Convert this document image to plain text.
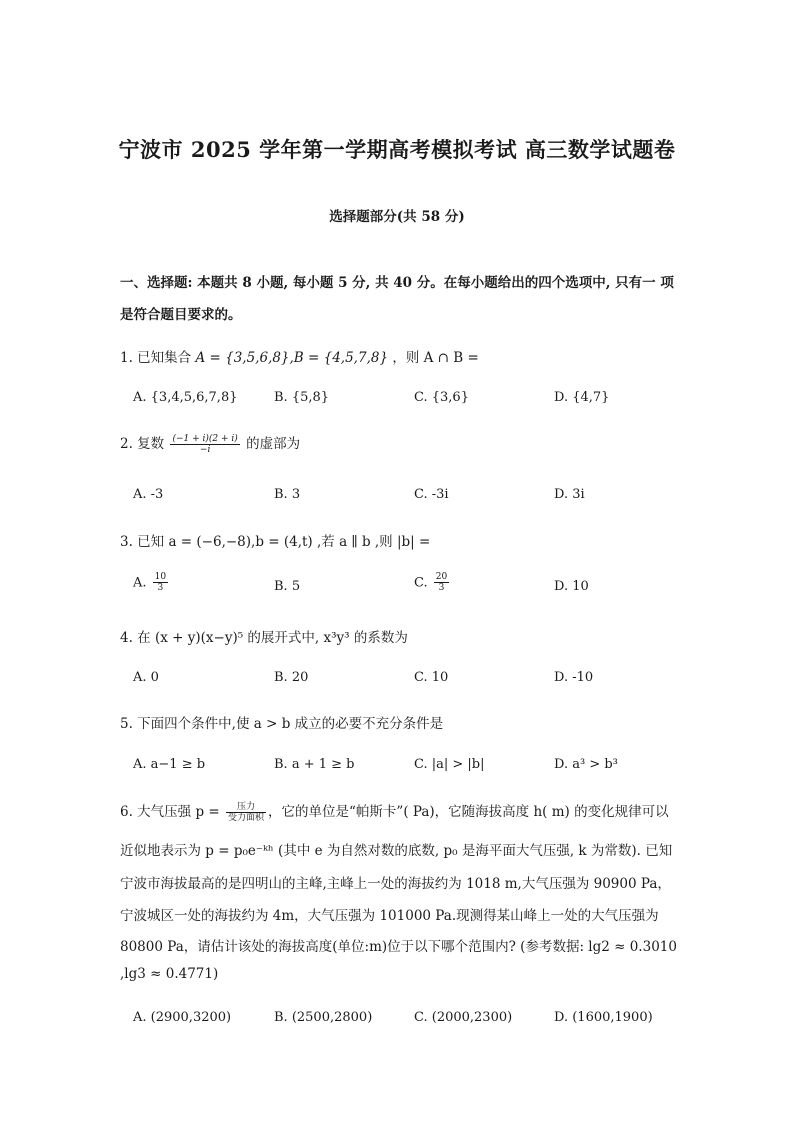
宁波市 2025 学年第一学期高考模拟考试 高三数学试题卷
选择题部分(共 58 分)
一、选择题: 本题共 8 小题, 每小题 5 分, 共 40 分。在每小题给出的四个选项中, 只有一 项
是符合题目要求的。
1. 已知集合 A = {3,5,6,8},B = {4,5,7,8} ，则 A ∩ B =
A. {3,4,5,6,7,8}	B. {5,8}	C. {3,6}	D. {4,7}
2. 复数 $\frac{(-1 + i)(2 + i)}{-i}$ 的虚部为
A. -3	B. 3	C. -3i	D. 3i
3. 已知 a = (−6,−8),b = (4,t) ,若 a ∥ b ,则 |b| =
A. $\frac{10}{3}$	B. 5	C. $\frac{20}{3}$	D. 10
4. 在 (x + y)(x−y)⁵ 的展开式中, x³y³ 的系数为
A. 0	B. 20	C. 10	D. -10
5. 下面四个条件中,使 a > b 成立的必要不充分条件是
A. a−1 ≥ b	B. a + 1 ≥ b	C. |a| > |b|	D. a³ > b³
6. 大气压强 $p = \frac{\text{压力}}{\text{受力面积}}$ ，它的单位是“帕斯卡”( Pa)，它随海拔高度 h( m) 的变化规律可以
近似地表示为 p = p₀e⁻ᵏʰ (其中 e 为自然对数的底数, p₀ 是海平面大气压强, k 为常数). 已知
宁波市海拔最高的是四明山的主峰,主峰上一处的海拔约为 1018 m,大气压强为 90900 Pa，
宁波城区一处的海拔约为 4m，大气压强为 101000 Pa.现测得某山峰上一处的大气压强为
80800 Pa，请估计该处的海拔高度(单位:m)位于以下哪个范围内? (参考数据: lg2 ≈ 0.3010
,lg3 ≈ 0.4771)
A. (2900,3200)	B. (2500,2800)	C. (2000,2300)	D. (1600,1900)
